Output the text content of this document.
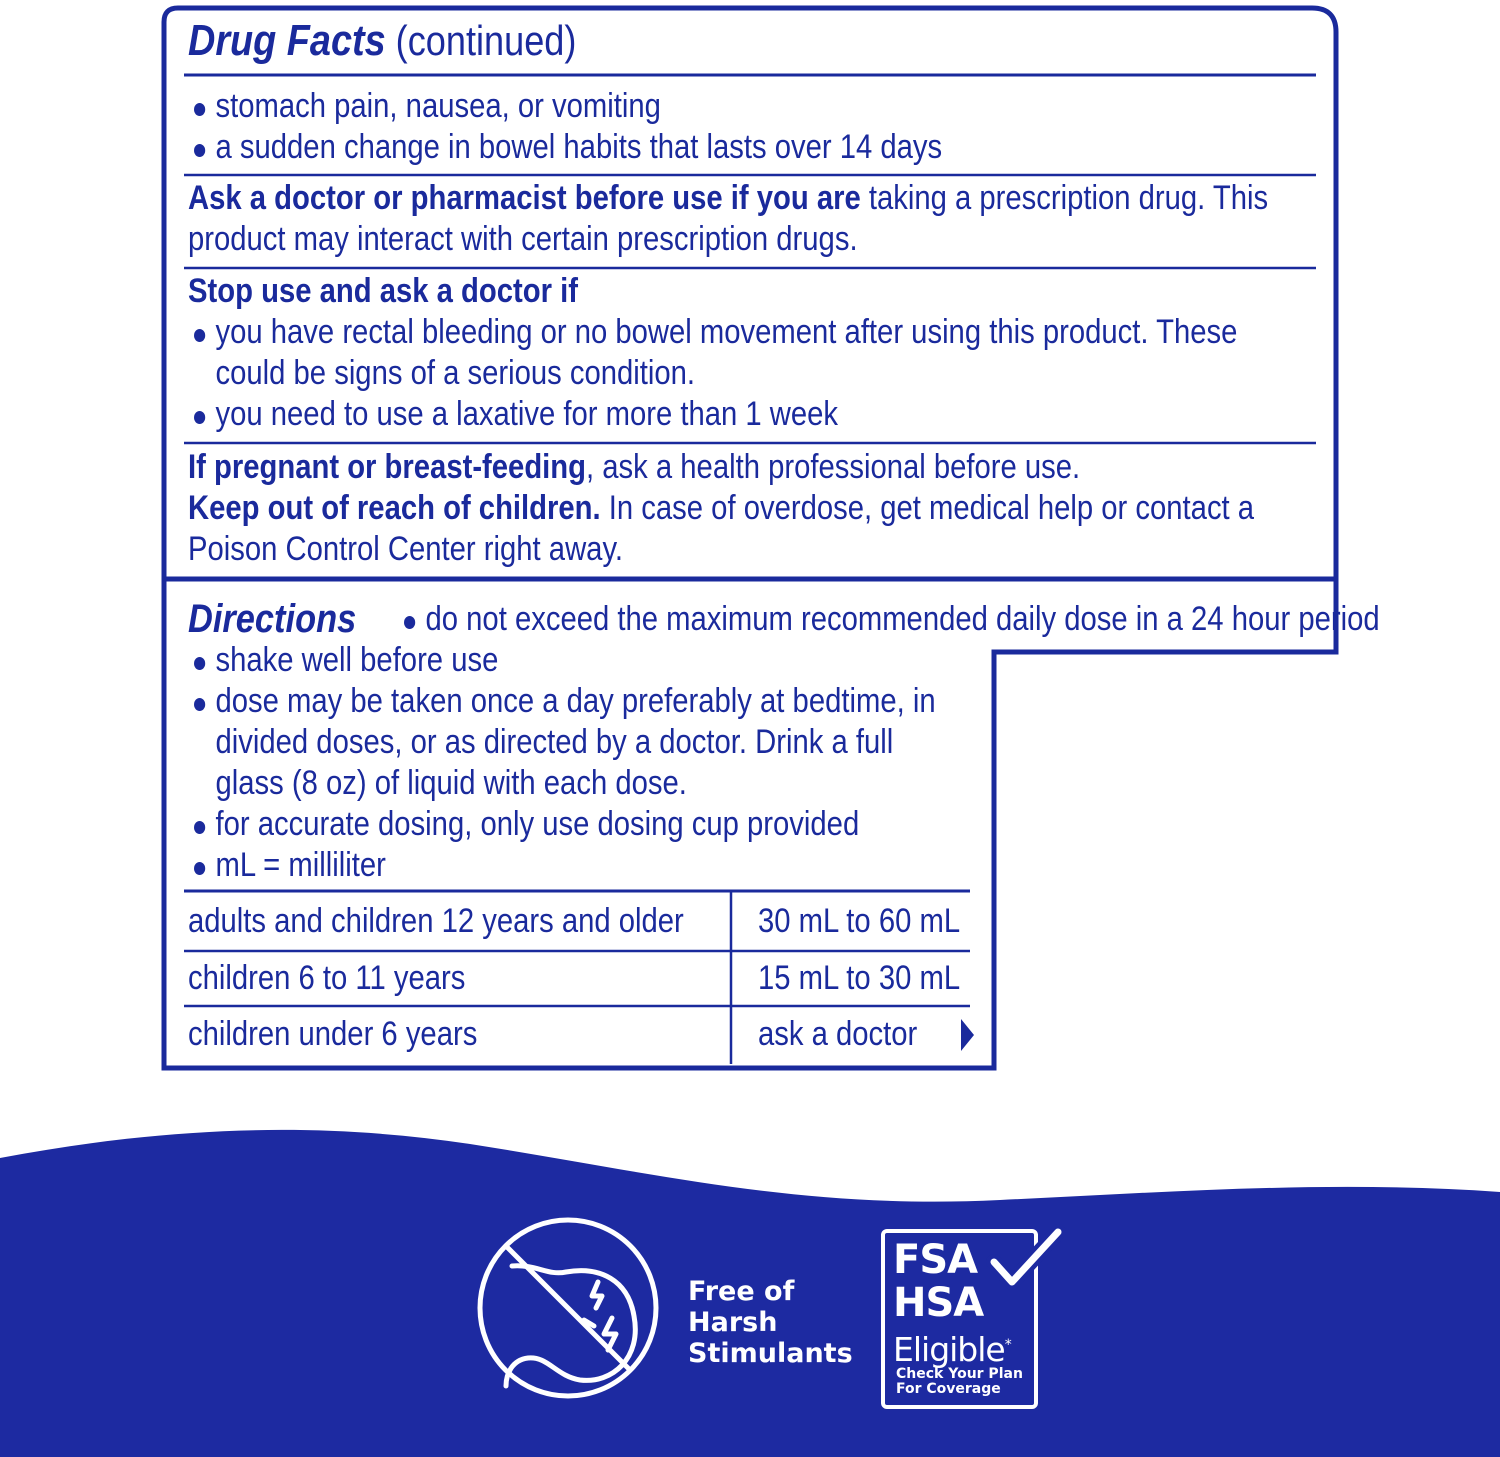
Drug Facts (continued)
stomach pain, nausea, or vomiting
a sudden change in bowel habits that lasts over 14 days
Ask a doctor or pharmacist before use if you are taking a prescription drug. This
product may interact with certain prescription drugs.
Stop use and ask a doctor if

you have rectal bleeding or no bowel movement after using this product. These
could be signs of a serious condition.
you need to use a laxative for more than 1 week
If pregnant or breast-feeding, ask a health professional before use.
Keep out of reach of children. In case of overdose, get medical help or contact a
Poison Control Center right away.
Directions	do not exceed the maximum recommended daily dose in a 24 hour period
shake well before use
dose may be taken once a day preferably at bedtime, in
divided doses, or as directed by a doctor. Drink a full
glass (8 oz) of liquid with each dose.
for accurate dosing, only use dosing cup provided
mL = milliliter
adults and children 12 years and older 30 mL to 60 mL
children 6 to 11 years	15 mL to 30 mL
children under 6 years	ask a doctor
Free of
Harsh
Stimulants
FSA
HSA
Eligible*
Check Your Plan
For Coverage
